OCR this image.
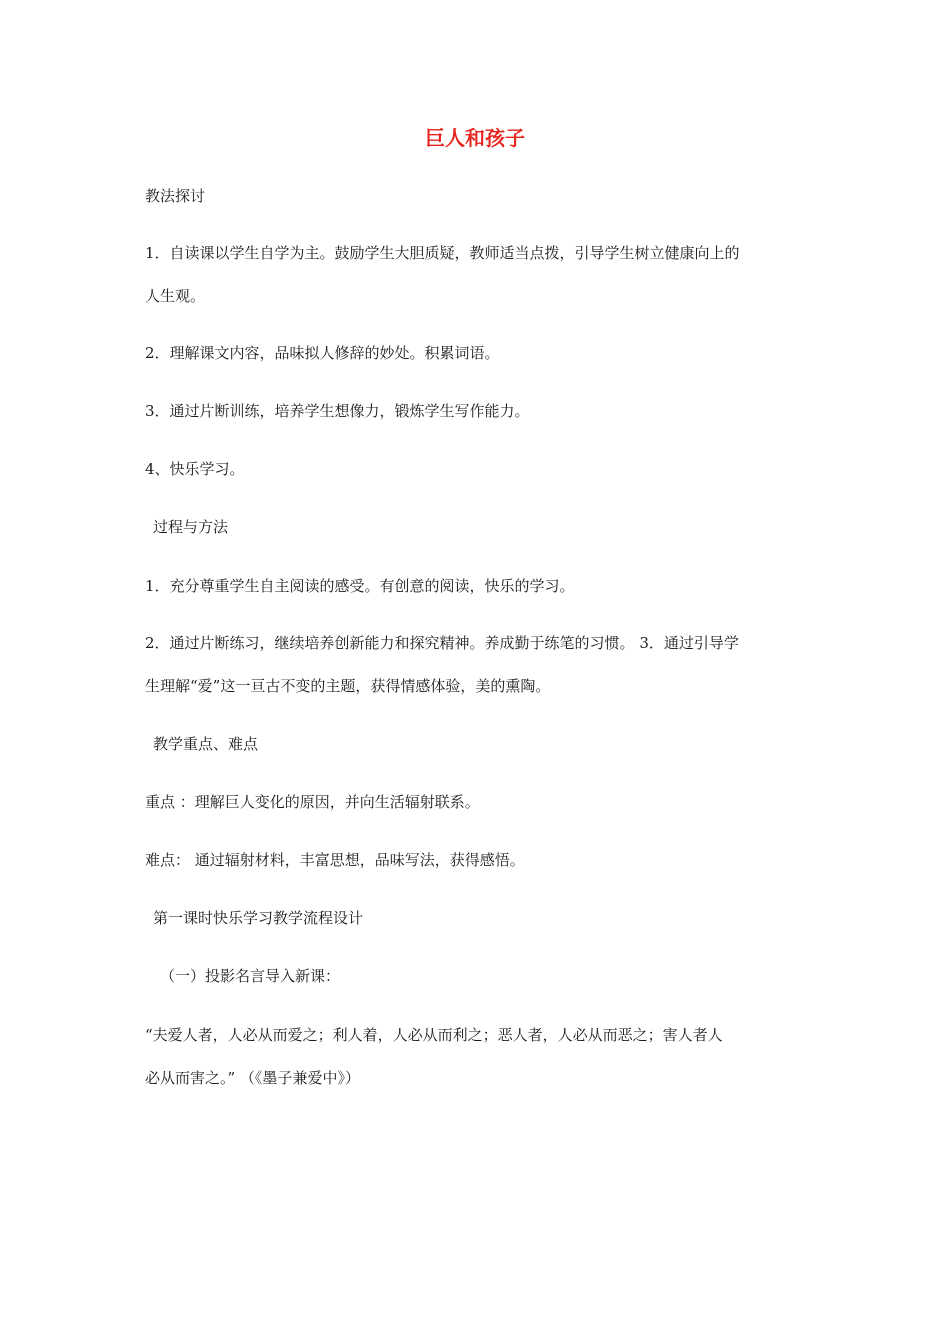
巨人和孩子
教法探讨
1．自读课以学生自学为主。鼓励学生大胆质疑，教师适当点拨，引导学生树立健康向上的
人生观。
2．理解课文内容，品味拟人修辞的妙处。积累词语。
3．通过片断训练，培养学生想像力，锻炼学生写作能力。
4、快乐学习。
过程与方法
1．充分尊重学生自主阅读的感受。有创意的阅读，快乐的学习。
2．通过片断练习，继续培养创新能力和探究精神。养成勤于练笔的习惯。 3．通过引导学
生理解“爱”这一亘古不变的主题，获得情感体验，美的熏陶。
教学重点、难点
重点 ：理解巨人变化的原因，并向生活辐射联系。
难点： 通过辐射材料，丰富思想，品味写法，获得感悟。
第一课时快乐学习教学流程设计
（一）投影名言导入新课：
“夫爱人者，人必从而爱之；利人着，人必从而利之；恶人者，人必从而恶之；害人者人
必从而害之。” （《墨子兼爱中》）
